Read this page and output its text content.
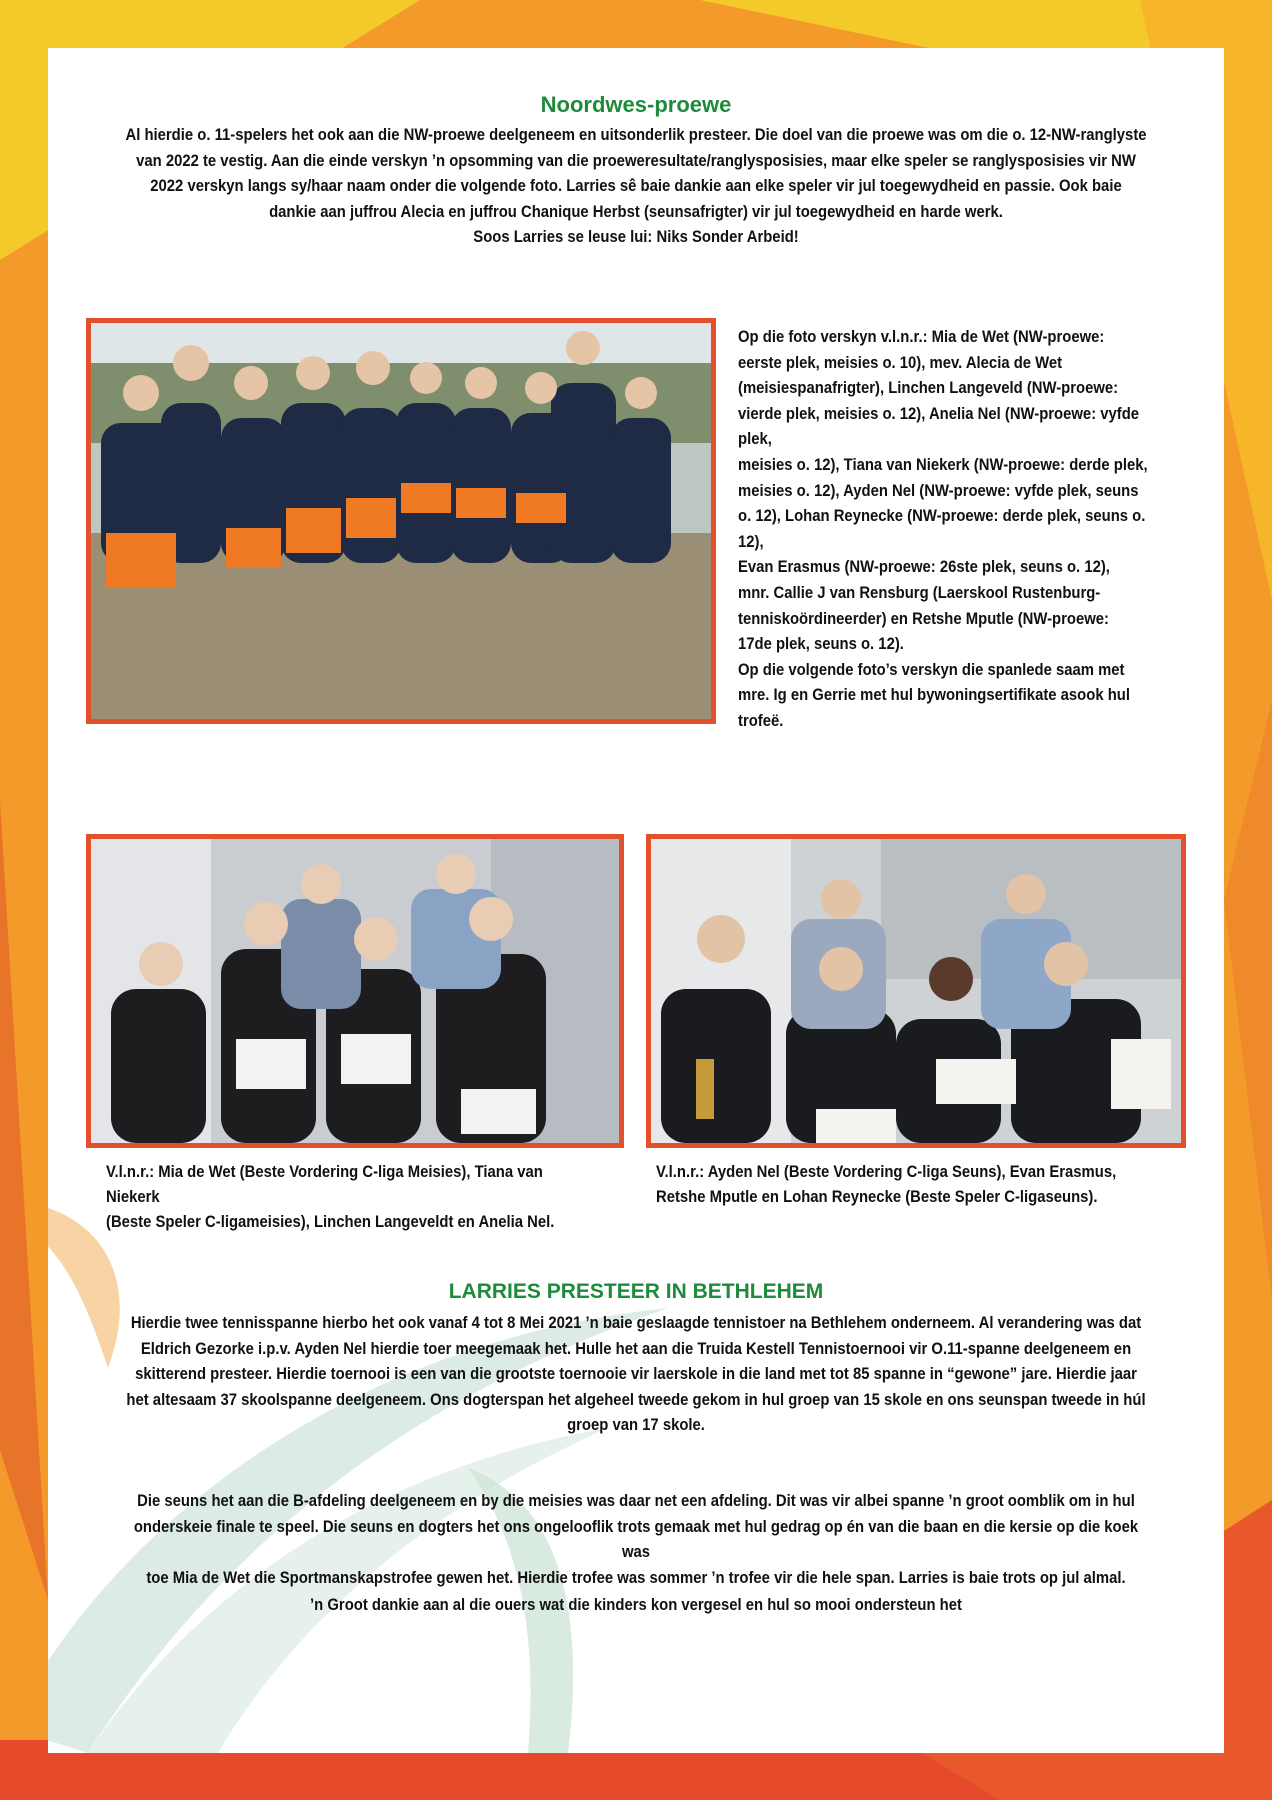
Noordwes-proewe

Al hierdie o. 11-spelers het ook aan die NW-proewe deelgeneem en uitsonderlik presteer. Die doel van die proewe was om die o. 12-NW-ranglyste
van 2022 te vestig. Aan die einde verskyn ’n opsomming van die proeweresultate/ranglysposisies, maar elke speler se ranglysposisies vir NW
2022 verskyn langs sy/haar naam onder die volgende foto. Larries sê baie dankie aan elke speler vir jul toegewydheid en passie. Ook baie
dankie aan juffrou Alecia en juffrou Chanique Herbst (seunsafrigter) vir jul toegewydheid en harde werk.
Soos Larries se leuse lui: Niks Sonder Arbeid!

Op die foto verskyn v.l.n.r.: Mia de Wet (NW-proewe:
eerste plek, meisies o. 10), mev. Alecia de Wet
(meisiespanafrigter), Linchen Langeveld (NW-proewe:
vierde plek, meisies o. 12), Anelia Nel (NW-proewe: vyfde plek,
meisies o. 12), Tiana van Niekerk (NW-proewe: derde plek,
meisies o. 12), Ayden Nel (NW-proewe: vyfde plek, seuns
o. 12), Lohan Reynecke (NW-proewe: derde plek, seuns o. 12),
Evan Erasmus (NW-proewe: 26ste plek, seuns o. 12),
mnr. Callie J van Rensburg (Laerskool Rustenburg-
tenniskoördineerder) en Retshe Mputle (NW-proewe:
17de plek, seuns o. 12).
Op die volgende foto’s verskyn die spanlede saam met
mre. Ig en Gerrie met hul bywoningsertifikate asook hul
trofeë.

V.l.n.r.: Mia de Wet (Beste Vordering C-liga Meisies), Tiana van Niekerk
(Beste Speler C-ligameisies), Linchen Langeveldt en Anelia Nel.

V.l.n.r.: Ayden Nel (Beste Vordering C-liga Seuns), Evan Erasmus,
Retshe Mputle en Lohan Reynecke (Beste Speler C-ligaseuns).

LARRIES PRESTEER IN BETHLEHEM

Hierdie twee tennisspanne hierbo het ook vanaf 4 tot 8 Mei 2021 ’n baie geslaagde tennistoer na Bethlehem onderneem. Al verandering was dat
Eldrich Gezorke i.p.v. Ayden Nel hierdie toer meegemaak het. Hulle het aan die Truida Kestell Tennistoernooi vir O.11-spanne deelgeneem en
skitterend presteer. Hierdie toernooi is een van die grootste toernooie vir laerskole in die land met tot 85 spanne in “gewone” jare. Hierdie jaar
het altesaam 37 skoolspanne deelgeneem. Ons dogterspan het algeheel tweede gekom in hul groep van 15 skole en ons seunspan tweede in húl
groep van 17 skole.

Die seuns het aan die B-afdeling deelgeneem en by die meisies was daar net een afdeling. Dit was vir albei spanne ’n groot oomblik om in hul
onderskeie finale te speel. Die seuns en dogters het ons ongelooflik trots gemaak met hul gedrag op én van die baan en die kersie op die koek was
toe Mia de Wet die Sportmanskapstrofee gewen het. Hierdie trofee was sommer ’n trofee vir die hele span. Larries is baie trots op jul almal.

’n Groot dankie aan al die ouers wat die kinders kon vergesel en hul so mooi ondersteun het
